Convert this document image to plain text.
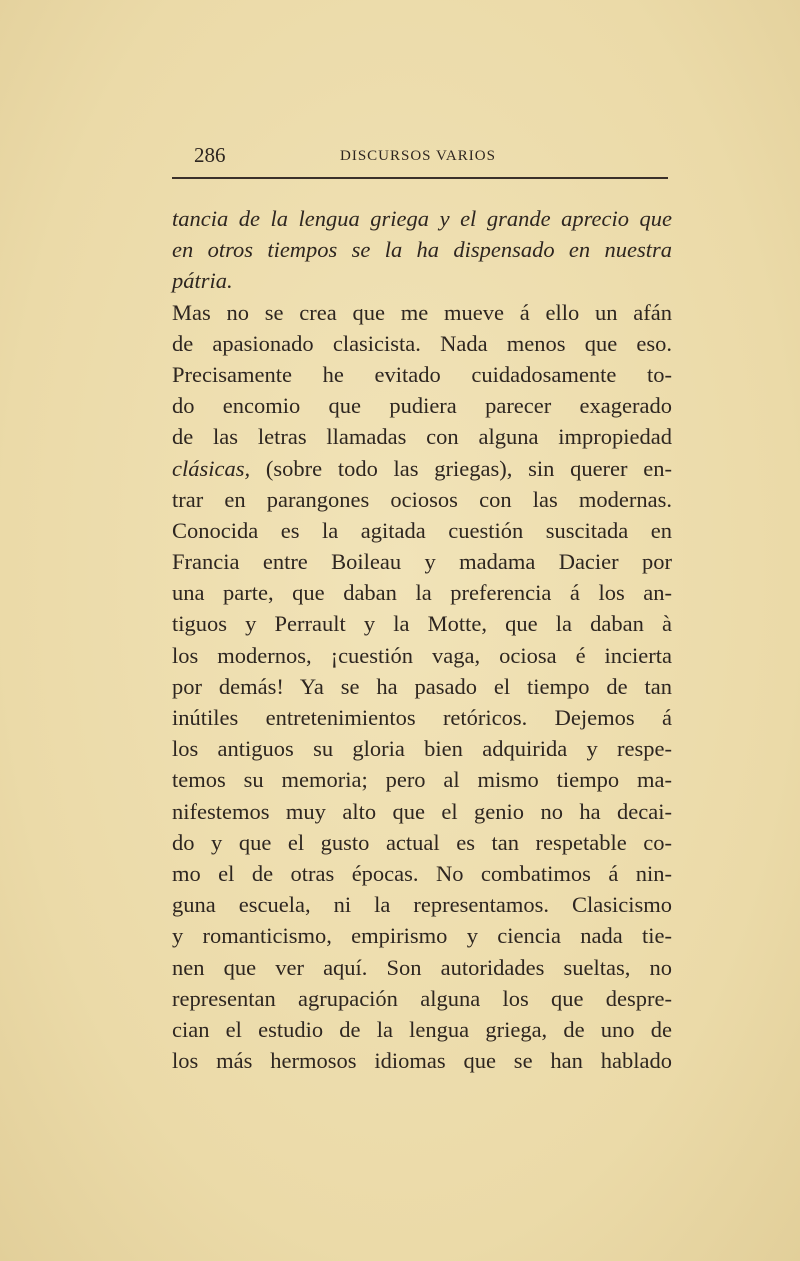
286	DISCURSOS VARIOS
tancia de la lengua griega y el grande aprecio que
en otros tiempos se la ha dispensado en nuestra
pátria.
Mas no se crea que me mueve á ello un afán
de apasionado clasicista. Nada menos que eso.
Precisamente he evitado cuidadosamente to-
do encomio que pudiera parecer exagerado
de las letras llamadas con alguna impropiedad
clásicas, (sobre todo las griegas), sin querer en-
trar en parangones ociosos con las modernas.
Conocida es la agitada cuestión suscitada en
Francia entre Boileau y madama Dacier por
una parte, que daban la preferencia á los an-
tiguos y Perrault y la Motte, que la daban à
los modernos, ¡cuestión vaga, ociosa é incierta
por demás! Ya se ha pasado el tiempo de tan
inútiles entretenimientos retóricos. Dejemos á
los antiguos su gloria bien adquirida y respe-
temos su memoria; pero al mismo tiempo ma-
nifestemos muy alto que el genio no ha decai-
do y que el gusto actual es tan respetable co-
mo el de otras épocas. No combatimos á nin-
guna escuela, ni la representamos. Clasicismo
y romanticismo, empirismo y ciencia nada tie-
nen que ver aquí. Son autoridades sueltas, no
representan agrupación alguna los que despre-
cian el estudio de la lengua griega, de uno de
los más hermosos idiomas que se han hablado
